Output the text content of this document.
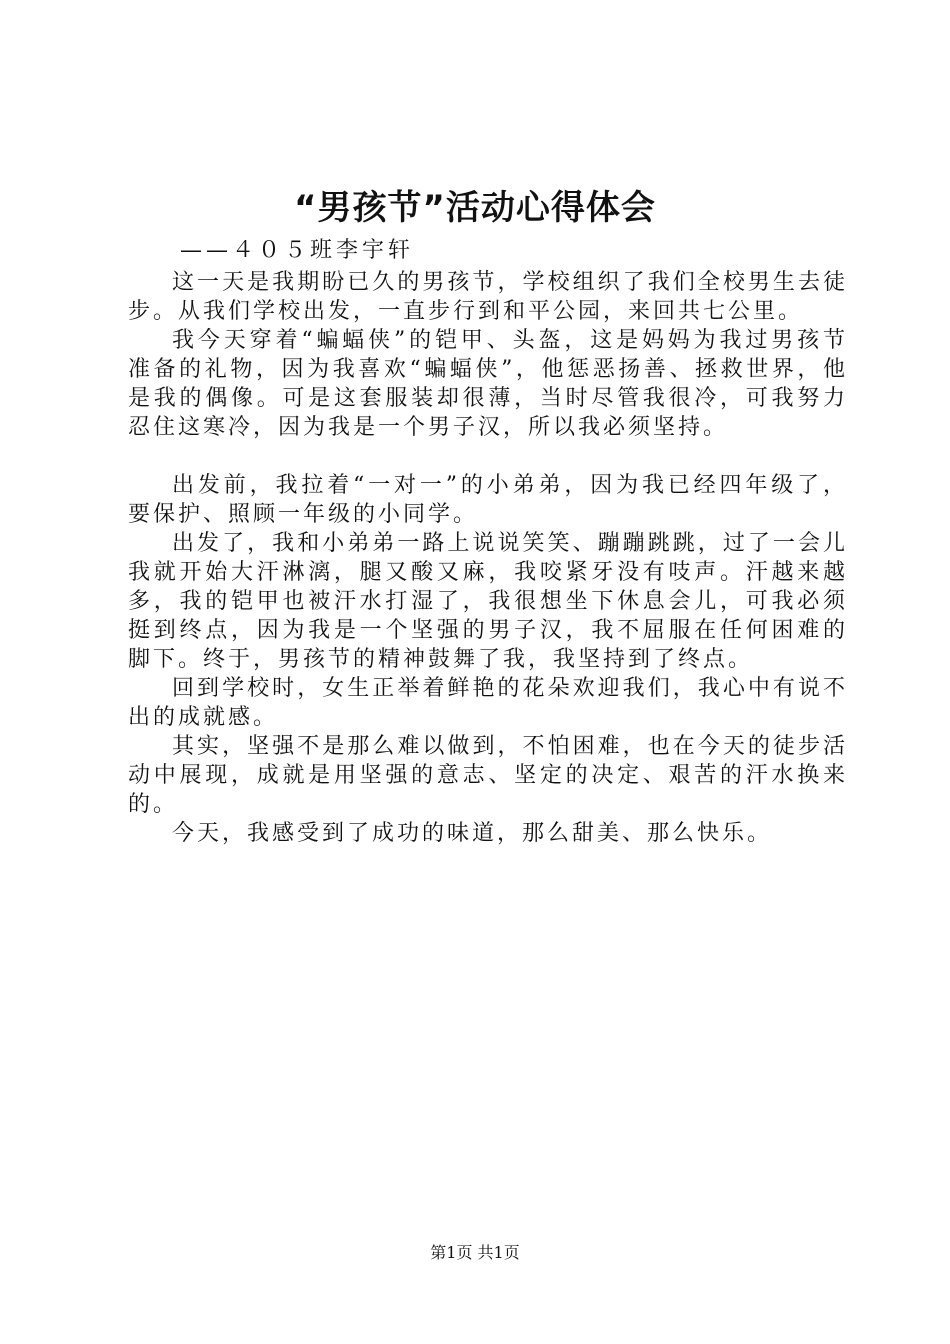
“男孩节”活动心得体会
——４０５班李宇轩

这一天是我期盼已久的男孩节，学校组织了我们全校男生去徒步。从我们学校出发，一直步行到和平公园，来回共七公里。

我今天穿着“蝙蝠侠”的铠甲、头盔，这是妈妈为我过男孩节准备的礼物，因为我喜欢“蝙蝠侠”，他惩恶扬善、拯救世界，他是我的偶像。可是这套服装却很薄，当时尽管我很冷，可我努力忍住这寒冷，因为我是一个男子汉，所以我必须坚持。

出发前，我拉着“一对一”的小弟弟，因为我已经四年级了，要保护、照顾一年级的小同学。

出发了，我和小弟弟一路上说说笑笑、蹦蹦跳跳，过了一会儿我就开始大汗淋漓，腿又酸又麻，我咬紧牙没有吱声。汗越来越多，我的铠甲也被汗水打湿了，我很想坐下休息会儿，可我必须挺到终点，因为我是一个坚强的男子汉，我不屈服在任何困难的脚下。终于，男孩节的精神鼓舞了我，我坚持到了终点。

回到学校时，女生正举着鲜艳的花朵欢迎我们，我心中有说不出的成就感。

其实，坚强不是那么难以做到，不怕困难，也在今天的徒步活动中展现，成就是用坚强的意志、坚定的决定、艰苦的汗水换来的。

今天，我感受到了成功的味道，那么甜美、那么快乐。

第1页 共1页
